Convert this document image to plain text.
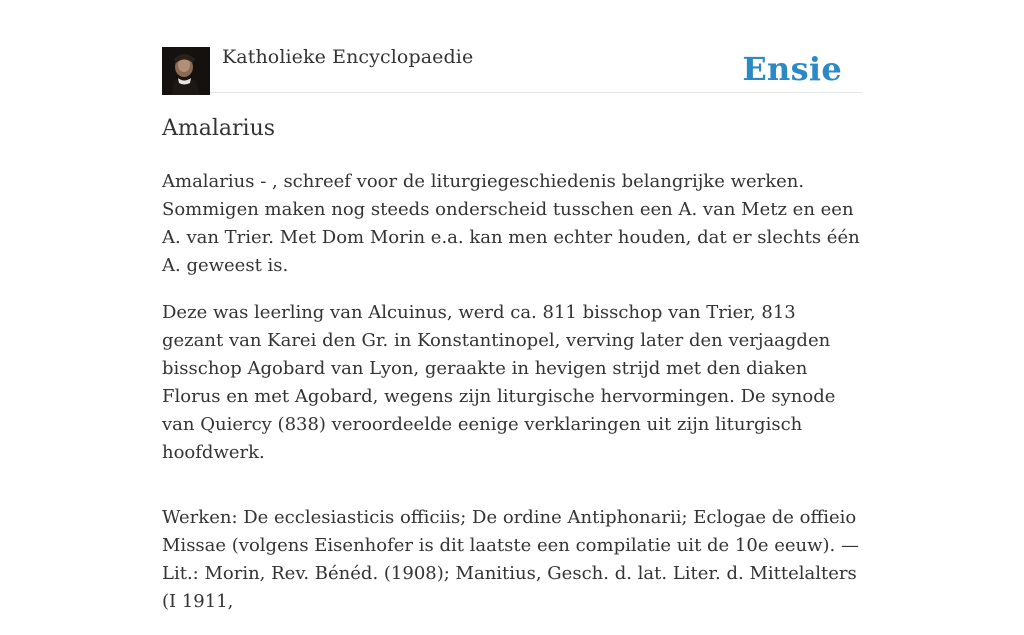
Katholieke Encyclopaedie	Ensie
Amalarius

Amalarius - , schreef voor de liturgiegeschiedenis belangrijke werken. Sommigen maken nog steeds onderscheid tusschen een A. van Metz en een A. van Trier. Met Dom Morin e.a. kan men echter houden, dat er slechts één A. geweest is.

Deze was leerling van Alcuinus, werd ca. 811 bisschop van Trier, 813 gezant van Karei den Gr. in Konstantinopel, verving later den verjaagden bisschop Agobard van Lyon, geraakte in hevigen strijd met den diaken Florus en met Agobard, wegens zijn liturgische hervormingen. De synode van Quiercy (838) veroordeelde eenige verklaringen uit zijn liturgisch hoofdwerk.

Werken: De ecclesiasticis officiis; De ordine Antiphonarii; Eclogae de offieio Missae (volgens Eisenhofer is dit laatste een compilatie uit de 10e eeuw). — Lit.: Morin, Rev. Bénéd. (1908); Manitius, Gesch. d. lat. Liter. d. Mittelalters (I 1911,
